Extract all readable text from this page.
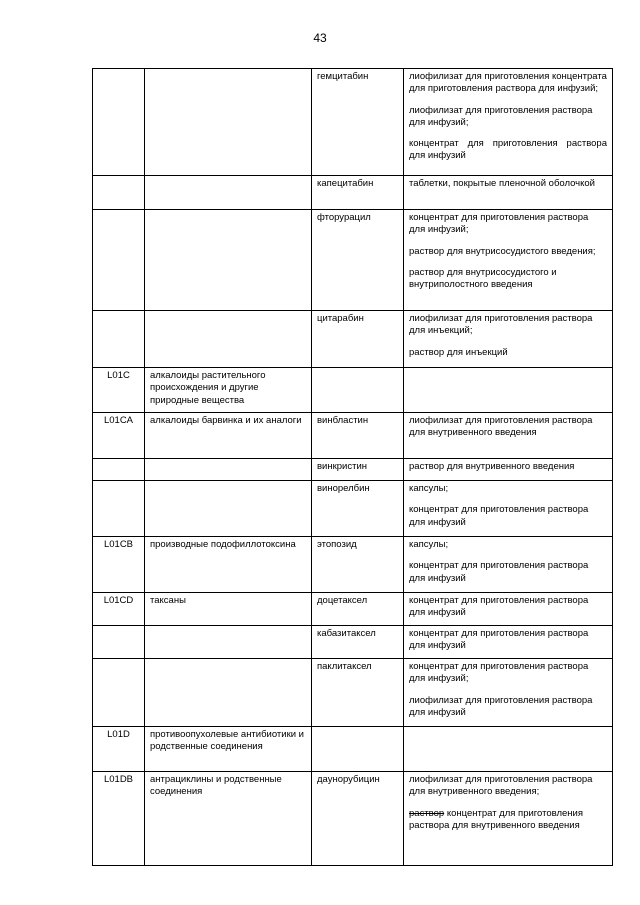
43
		гемцитабин	лиофилизат для приготовления концентрата для приготовления раствора для инфузий;
лиофилизат для приготовления раствора для инфузий;
концентрат для приготовления раствора для инфузий

		капецитабин	таблетки, покрытые пленочной оболочкой

		фторурацил	концентрат для приготовления раствора для инфузий;
раствор для внутрисосудистого введения;
раствор для внутрисосудистого и внутриполостного введения

		цитарабин	лиофилизат для приготовления раствора для инъекций;
раствор для инъекций

L01C	алкалоиды растительного происхождения и другие природные вещества		
L01CA	алкалоиды барвинка и их аналоги	винбластин	лиофилизат для приготовления раствора для внутривенного введения

		винкристин	раствор для внутривенного введения

		винорелбин	капсулы;
концентрат для приготовления раствора для инфузий

L01CB	производные подофиллотоксина	этопозид	капсулы;
концентрат для приготовления раствора для инфузий

L01CD	таксаны	доцетаксел	концентрат для приготовления раствора для инфузий

		кабазитаксел	концентрат для приготовления раствора для инфузий

		паклитаксел	концентрат для приготовления раствора для инфузий;
лиофилизат для приготовления раствора для инфузий

L01D	противоопухолевые антибиотики и родственные соединения		
L01DB	антрациклины и родственные соединения	даунорубицин	лиофилизат для приготовления раствора для внутривенного введения;
раствор концентрат для приготовления раствора для внутривенного введения
